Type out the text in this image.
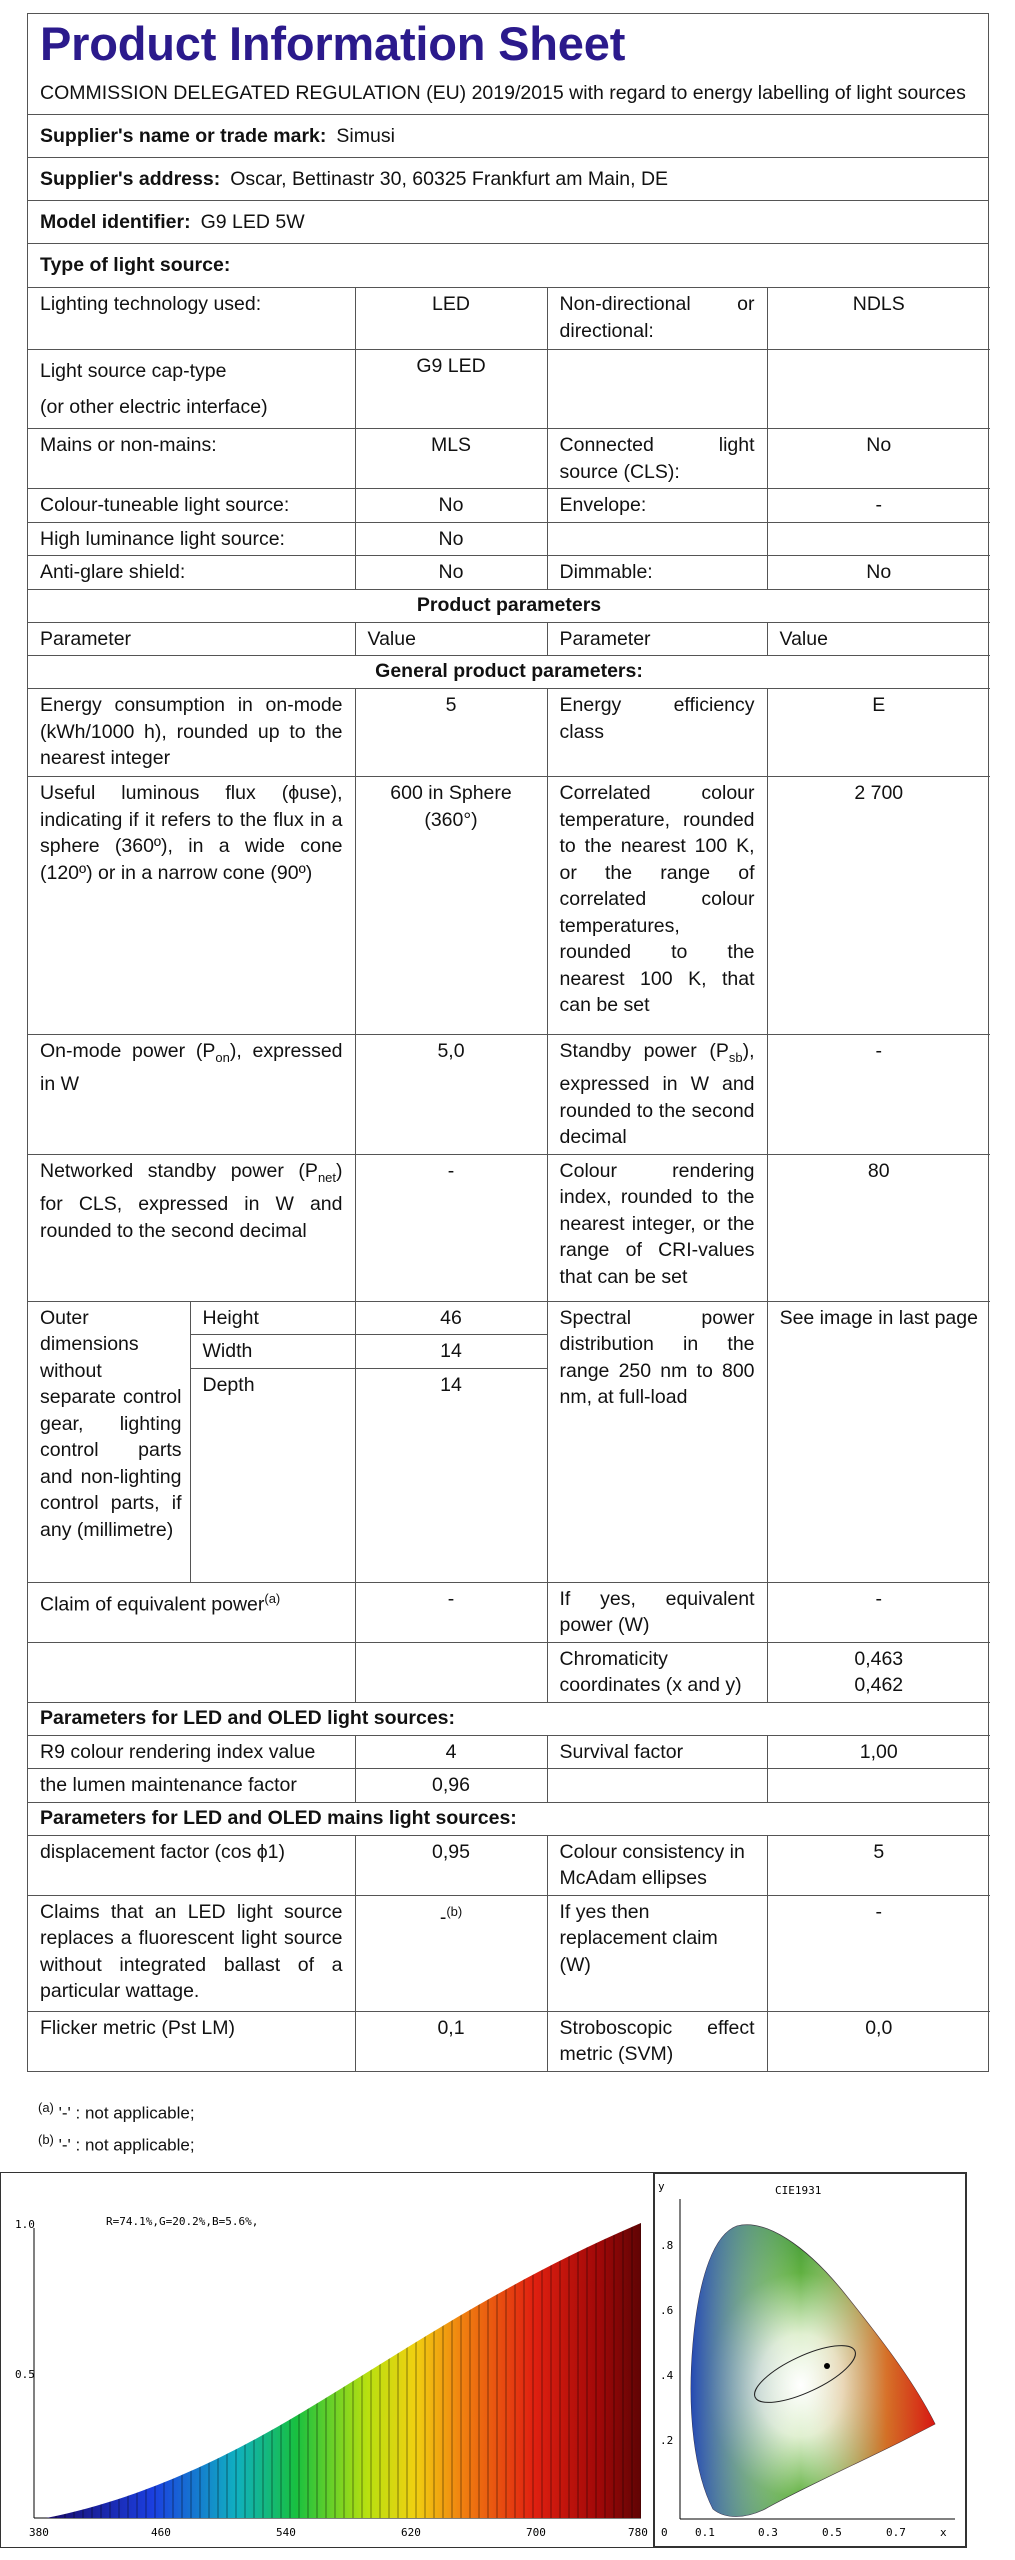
Product Information Sheet
COMMISSION DELEGATED REGULATION (EU) 2019/2015 with regard to energy labelling of light sources
Supplier's name or trade mark: Simusi
Supplier's address: Oscar, Bettinastr 30, 60325 Frankfurt am Main, DE
Model identifier: G9 LED 5W
Type of light source:
Lighting technology used:		LED	Non-directional or directional:	NDLS
Light source cap-type
(or other electric interface)		G9 LED		
Mains or non-mains:		MLS	Connected light source (CLS):	No
Colour-tuneable light source:		No	Envelope:	-
High luminance light source:		No		
Anti-glare shield:		No	Dimmable:	No
Product parameters				
Parameter		Value	Parameter	Value
General product parameters:				
Energy consumption in on-mode (kWh/1000 h), rounded up to the nearest integer		5	Energy efficiency class	E
Useful luminous flux (ϕuse), indicating if it refers to the flux in a sphere (360º), in a wide cone (120º) or in a narrow cone (90º)		600 in Sphere (360°)	Correlated colour temperature, rounded to the nearest 100 K, or the range of correlated colour temperatures, rounded to the nearest 100 K, that can be set	2 700
On-mode power $(P_{on})$, expressed in W		5,0	Standby power $(P_{sb})$, expressed in W and rounded to the second decimal	-
Networked standby power $(P_{net})$ for CLS, expressed in W and rounded to the second decimal		-	Colour rendering index, rounded to the nearest integer, or the range of CRI-values that can be set	80
Outer dimensions without separate control gear, lighting control parts and non-lighting control parts, if any (millimetre)	Height	46	Spectral power distribution in the range 250 nm to 800 nm, at full-load	See image in last page
	Width	14		
	Depth	14		
Claim of equivalent power$^{(a)}$		-	If yes, equivalent power (W)	-
			Chromaticity coordinates (x and y)	0,463
0,462
Parameters for LED and OLED light sources:				
R9 colour rendering index value		4	Survival factor	1,00
the lumen maintenance factor		0,96		
Parameters for LED and OLED mains light sources:				
displacement factor (cos ϕ1)		0,95	Colour consistency in McAdam ellipses	5
Claims that an LED light source replaces a fluorescent light source without integrated ballast of a particular wattage.		-$^{(b)}$	If yes then replacement claim (W)	-
Flicker metric (Pst LM)		0,1	Stroboscopic effect metric (SVM)	0,0
$^{(a)}$ '-' : not applicable;
$^{(b)}$ '-' : not applicable;
1.0
0.5
R=74.1%,G=20.2%,B=5.6%,
380	460	540	620	700	780
CIE1931
y
x
.8
.6
.4
.2
0 0.1	0.3	0.5	0.7
